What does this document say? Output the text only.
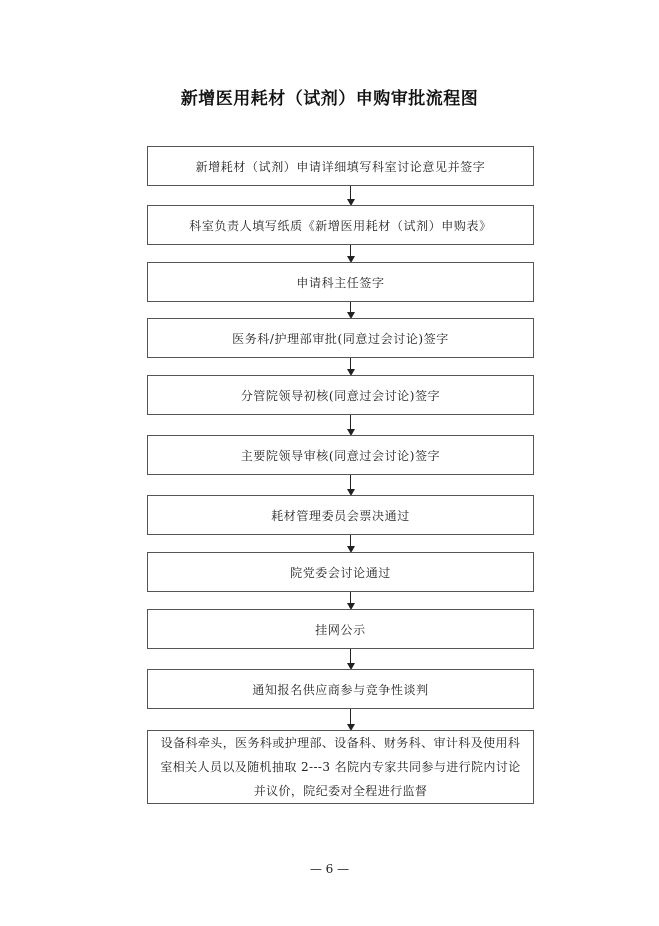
新增医用耗材（试剂）申购审批流程图
新增耗材（试剂）申请详细填写科室讨论意见并签字
科室负责人填写纸质《新增医用耗材（试剂）申购表》
申请科主任签字
医务科/护理部审批(同意过会讨论)签字
分管院领导初核(同意过会讨论)签字
主要院领导审核(同意过会讨论)签字
耗材管理委员会票决通过
院党委会讨论通过
挂网公示
通知报名供应商参与竞争性谈判
设备科牵头，医务科或护理部、设备科、财务科、审计科及使用科室相关人员以及随机抽取 2---3 名院内专家共同参与进行院内讨论并议价，院纪委对全程进行监督
— 6 —
